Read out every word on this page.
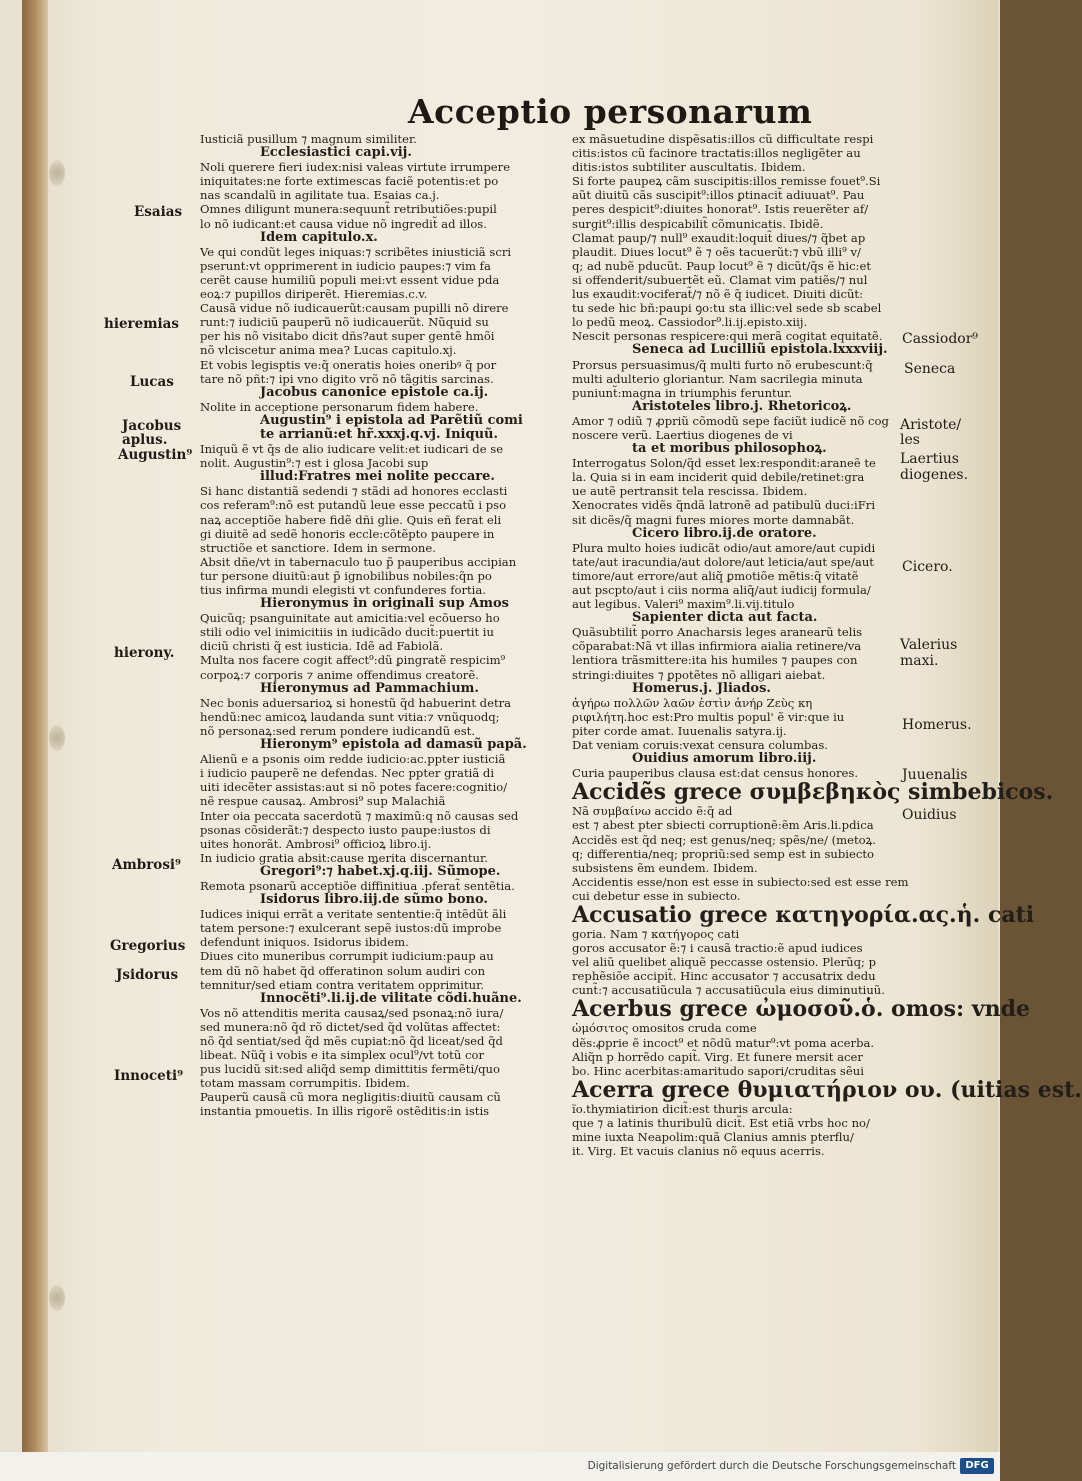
Acceptio personarum
Iusticiã pusillum ⁊ magnum similiter.
Ecclesiastici capi.vij.
Noli querere fieri iudex:nisi valeas virtute irrumpere
iniquitates:ne forte extimescas faciẽ potentis:et po
nas scandalũ in agilitate tua. Esaias ca.j.
Omnes diligunt munera:sequunt̃ retributiões:pupil
lo nõ iudicant:et causa vidue nõ ingredit̃ ad illos.
Idem capitulo.x.
Ve qui condũt leges iniquas:⁊ scribẽtes iniusticiã scri
pserunt:vt opprimerent in iudicio paupes:⁊ vim fa
cerẽt cause humiliũ populi mei:vt essent vidue pda
eoꝝ:⁊ pupillos diriperẽt. Hieremias.c.v.
Causã vidue nõ iudicauerũt:causam pupilli nõ direre
runt:⁊ iudiciũ pauperũ nõ iudicauerũt. Nũquid su
per his nõ visitabo dicit dñs?aut super gentẽ hmõi
nõ vlciscetur anima mea? Lucas capitulo.xj.
Et vobis legisptis ve:q̃ oneratis hoies oneribꝰ q̃ por
tare nõ pñt:⁊ ipi vno digito vrõ nõ tãgitis sarcinas.
Jacobus canonice epistole ca.ij.
Nolite in acceptione personarum fidem habere.
Augustin⁹ i epistola ad Parẽtiũ comi
te arrianũ:et hr̃.xxxj.q.vj. Iniquũ.
Iniquũ ẽ vt q̃s de alio iudicare velit:et iudicari de se
nolit. Augustin⁹:⁊ est i glosa Jacobi sup
illud:Fratres mei nolite peccare.
Si hanc distantiã sedendi ⁊ stãdi ad honores ecclasti
cos referam⁹:nõ est putandũ leue esse peccatũ i pso
naꝝ acceptiõe habere fidẽ dñi glie. Quis eñ ferat eli
gi diuitẽ ad sedẽ honoris eccle:cõtẽpto paupere in
structiõe et sanctiore. Idem in sermone.
Absit dñe/vt in tabernaculo tuo p̃ pauperibus accipian
tur persone diuitũ:aut p̃ ignobilibus nobiles:q̃n po
tius infirma mundi elegisti vt confunderes fortia.
Hieronymus in originali sup Amos
Quicũq; psanguinitate aut amicitia:vel ecõuerso ho
stili odio vel inimicitiis in iudicãdo ducit̃:puertit iu
diciũ christi q̃ est iusticia. Idẽ ad Fabiolã.
Multa nos facere cogit affect⁹:dũ ꝑingratẽ respicim⁹
corpoꝝ:⁊ corporis ⁊ anime offendimus creatorẽ.
Hieronymus ad Pammachium.
Nec bonis aduersarioꝝ si honestũ q̃d habuerint detra
hendũ:nec amicoꝝ laudanda sunt vitia:⁊ vnũquodq;
nõ personaꝝ:sed rerum pondere iudicandũ est.
Hieronym⁹ epistola ad damasũ papã.
Alienũ e a psonis oim redde iudicio:ac.ppter iusticiã
i iudicio pauperẽ ne defendas. Nec ppter gratiã di
uiti idecẽter assistas:aut si nõ potes facere:cognitio/
nẽ respue causaꝝ. Ambrosi⁹ sup Malachiã
Inter oia peccata sacerdotũ ⁊ maximũ:q nõ causas sed
psonas cõsiderãt:⁊ despecto iusto paupe:iustos di
uites honorãt. Ambrosi⁹ officioꝝ libro.ij.
In iudicio gratia absit:cause merita discernantur.
Gregori⁹:⁊ habet̃.xj.q.iij. Sũmope.
Remota psonarũ acceptiõe diffinitiua .pferat̃ sentẽtia.
Isidorus libro.iij.de sũmo bono.
Iudices iniqui errãt a veritate sententie:q̃ intẽdũt ãli
tatem persone:⁊ exulcerant sepẽ iustos:dũ improbe
defendunt iniquos. Isidorus ibidem.
Diues cito muneribus corrumpit iudicium:paup au
tem dũ nõ habet q̃d offeratinon solum audiri con
temnitur/sed etiam contra veritatem opprimitur.
Innocẽti⁹.li.ij.de vilitate cõdi.huãne.
Vos nõ attenditis merita causaꝝ/sed psonaꝝ:nõ iura/
sed munera:nõ q̃d rõ dictet/sed q̃d volũtas affectet:
nõ q̃d sentiat/sed q̃d mẽs cupiat:nõ q̃d liceat/sed q̃d
libeat. Nũq̃ i vobis e ita simplex ocul⁹/vt totũ cor
pus lucidũ sit:sed aliq̃d semp dimittitis fermẽti/quo
totam massam corrumpitis. Ibidem.
Pauperũ causã cũ mora negligitis:diuitũ causam cũ
instantia pmouetis. In illis rigorẽ ostẽditis:in istis
ex mãsuetudine dispẽsatis:illos cũ difficultate respi
citis:istos cũ facinore tractatis:illos negligẽter au
ditis:istos subtiliter auscultatis. Ibidem.
Si forte paupeꝝ cãm suscipitis:illos remisse fouet⁹.Si
aũt diuitũ cãs suscipit⁹:illos ꝑtinacit̃ adiuuat⁹. Pau
peres despicit⁹:diuites honorat⁹. Istis reuerẽter af/
surgit⁹:illis despicabilit̃ cõmunicatis. Ibidẽ.
Clamat paup/⁊ null⁹ exaudit:loquit̃ diues/⁊ q̃bet ap
plaudit. Diues locut⁹ ẽ ⁊ oẽs tacuerũt:⁊ vbũ illi⁹ v/
q; ad nubẽ pducũt. Paup locut⁹ ẽ ⁊ dicũt/q̃s ẽ hic:et
si offenderit/subuertẽt eũ. Clamat vim patiẽs/⁊ nul
lus exaudit:vociferat̃/⁊ nõ ẽ q̃ iudicet. Diuiti dicũt:
tu sede hic bñ:paupi ꝯo:tu sta illic:vel sede sb scabel
lo pedũ meoꝝ. Cassiodor⁹.li.ij.episto.xiij.
Nescit personas respicere:qui merã cogitat equitatẽ.
Seneca ad Lucilliũ epistola.lxxxviij.
Prorsus persuasimus/q̃ multi furto nõ erubescunt:q̃
multi adulterio gloriantur. Nam sacrilegia minuta
puniunt̃:magna in triumphis feruntur.
Aristoteles libro.j. Rhetoricoꝝ.
Amor ⁊ odiũ ⁊ ꝓpriũ cõmodũ sepe faciũt iudicẽ nõ cog
noscere verũ. Laertius diogenes de vi
ta et moribus philosophoꝝ.
Interrogatus Solon/q̃d esset lex:respondit:araneẽ te
la. Quia si in eam inciderit quid debile/retinet:gra
ue autẽ pertransit tela rescissa. Ibidem.
Xenocrates vidẽs q̃ndã latronẽ ad patibulũ duci:iFri
sit dicẽs/q̃ magni fures miores morte damnabãt.
Cicero libro.ij.de oratore.
Plura multo hoies iudicãt odio/aut amore/aut cupidi
tate/aut iracundia/aut dolore/aut leticia/aut spe/aut
timore/aut errore/aut aliq̃ ꝑmotiõe mẽtis:q̃ vitatẽ
aut pscpto/aut i ciis norma aliq̃/aut iudicij formula/
aut legibus. Valeri⁹ maxim⁹.li.vij.titulo
Sapienter dicta aut facta.
Quãsubtilit̃ porro Anacharsis leges aranearũ telis
cõparabat:Nã vt illas infirmiora aialia retinere/va
lentiora trãsmittere:ita his humiles ⁊ paupes con
stringi:diuites ⁊ ꝑpotẽtes nõ alligari aiebat.
Homerus.j. Jliados.
ἀγήρω πολλῶν λαῶν ἐστὶν ἀνήρ Ζεὺς κη
ριφιλήτη.hoc est:Pro multis popul' ẽ vir:que iu
piter corde amat. Iuuenalis satyra.ij.
Dat veniam coruis:vexat censura columbas.
Ouidius amorum libro.iij.
Curia pauperibus clausa est:dat census honores.
Accidẽs grece συμβεβηκὸς simbebicos.
Nã συμβαίνω accido ẽ:q̃ ad
est ⁊ abest pter sbiecti corruptionẽ:ẽm Aris.li.pdica
Accidẽs est q̃d neq; est genus/neq; spẽs/ne/ (metoꝝ.
q; differentia/neq; propriũ:sed semp est in subiecto
subsistens ẽm eundem. Ibidem.
Accidentis esse/non est esse in subiecto:sed est esse rem
cui debetur esse in subiecto.
Accusatio grece κατηγορία.ας.ἡ. cati
goria. Nam ⁊ κατήγορος cati
goros accusator ẽ:⁊ i causã tractio:ẽ apud iudices
vel aliũ quelibet aliquẽ peccasse ostensio. Plerũq; p
rephẽsiõe accipit̃. Hinc accusator ⁊ accusatrix dedu
cunt̃:⁊ accusatiũcula ⁊ accusatiũcula eius diminutiuũ.
Acerbus grece ὠμοσοῦ.ὁ. omos: vnde
ὠμόσιτος omositos cruda come
dẽs:ꝓprie ẽ incoct⁹ et nõdũ matur⁹:vt poma acerba.
Aliq̃n p horrẽdo capit̃. Virg. Et funere mersit acer
bo. Hinc acerbitas:amaritudo sapori/cruditas sẽui
Acerra grece θυμιατήριον ου. (uitias est.
ĩo.thymiatirion dicit̃:est thuris arcula:
que ⁊ a latinis thuribulũ dicit̃. Est etiã vrbs hoc no/
mine iuxta Neapolim:quã Clanius amnis pterflu/
it. Virg. Et vacuis clanius nõ equus acerris.
Esaias
hieremias
Lucas
Jacobus
aplus.
Augustin⁹
hierony.
Ambrosi⁹
Gregorius
Jsidorus
Innoceti⁹
Cassiodor⁹
Seneca
Aristote/
les
Laertius
diogenes.
Cicero.
Valerius
maxi.
Homerus.
Juuenalis
Ouidius
Digitalisierung gefördert durch die Deutsche Forschungsgemeinschaft DFG
